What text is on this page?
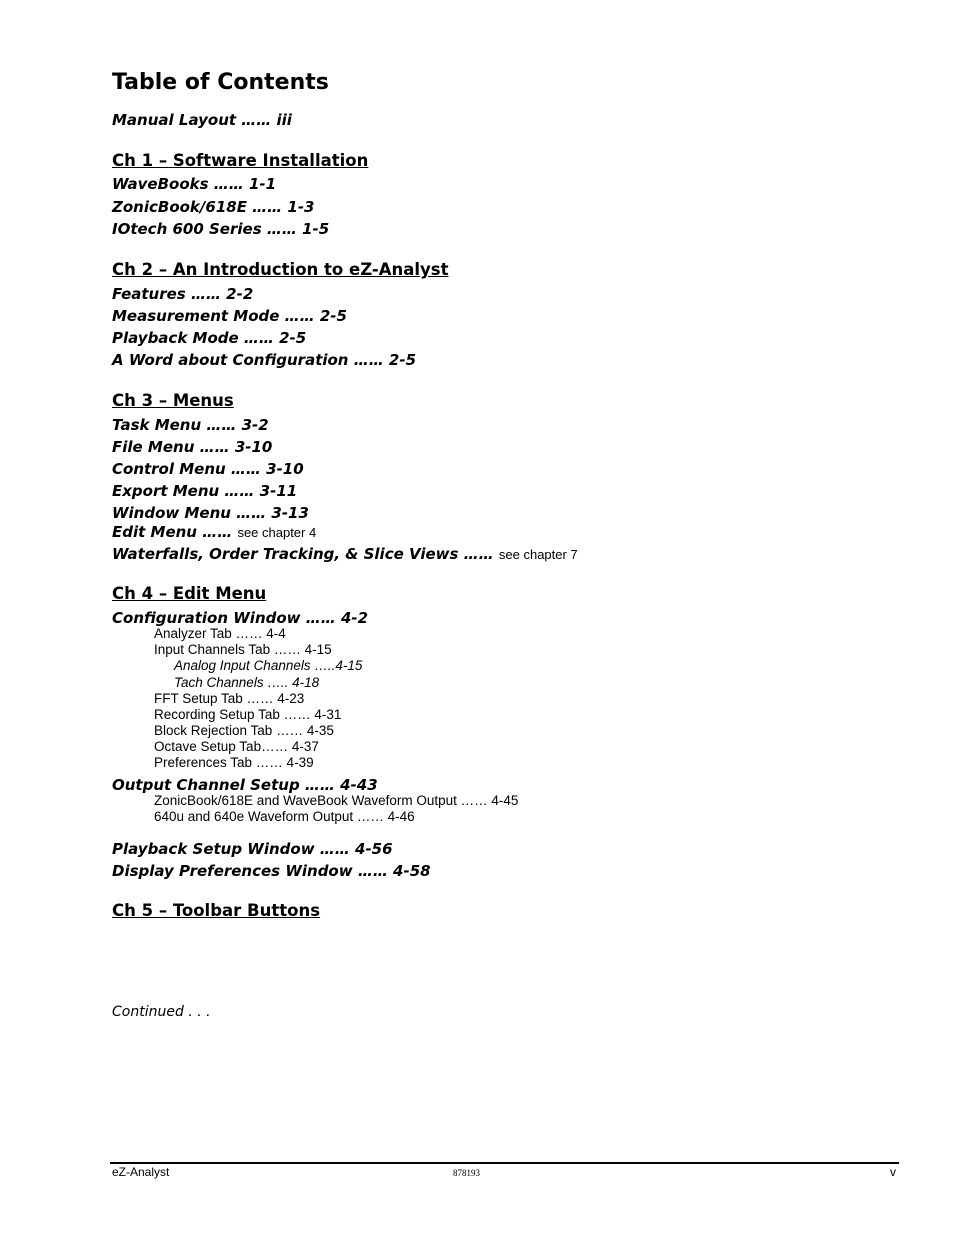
Table of Contents
Manual Layout …… iii
Ch 1 – Software Installation
WaveBooks …… 1-1
ZonicBook/618E …… 1-3
IOtech 600 Series …… 1-5
Ch 2 – An Introduction to eZ-Analyst
Features …… 2-2
Measurement Mode …… 2-5
Playback Mode …… 2-5
A Word about Configuration …… 2-5
Ch 3 – Menus
Task Menu …… 3-2
File Menu …… 3-10
Control Menu …… 3-10
Export Menu …… 3-11
Window Menu …… 3-13
Edit Menu …… see chapter 4
Waterfalls, Order Tracking, & Slice Views …… see chapter 7
Ch 4 – Edit Menu
Configuration Window …… 4-2
Analyzer Tab …… 4-4
Input Channels Tab …… 4-15
Analog Input Channels …..4-15
Tach Channels ….. 4-18
FFT Setup Tab …… 4-23
Recording Setup Tab …… 4-31
Block Rejection Tab …… 4-35
Octave Setup Tab…… 4-37
Preferences Tab …… 4-39
Output Channel Setup …… 4-43
ZonicBook/618E and WaveBook Waveform Output …… 4-45
640u and 640e Waveform Output …… 4-46
Playback Setup Window …… 4-56
Display Preferences Window …… 4-58
Ch 5 – Toolbar Buttons
Continued . . .
eZ-Analyst	878193	v
